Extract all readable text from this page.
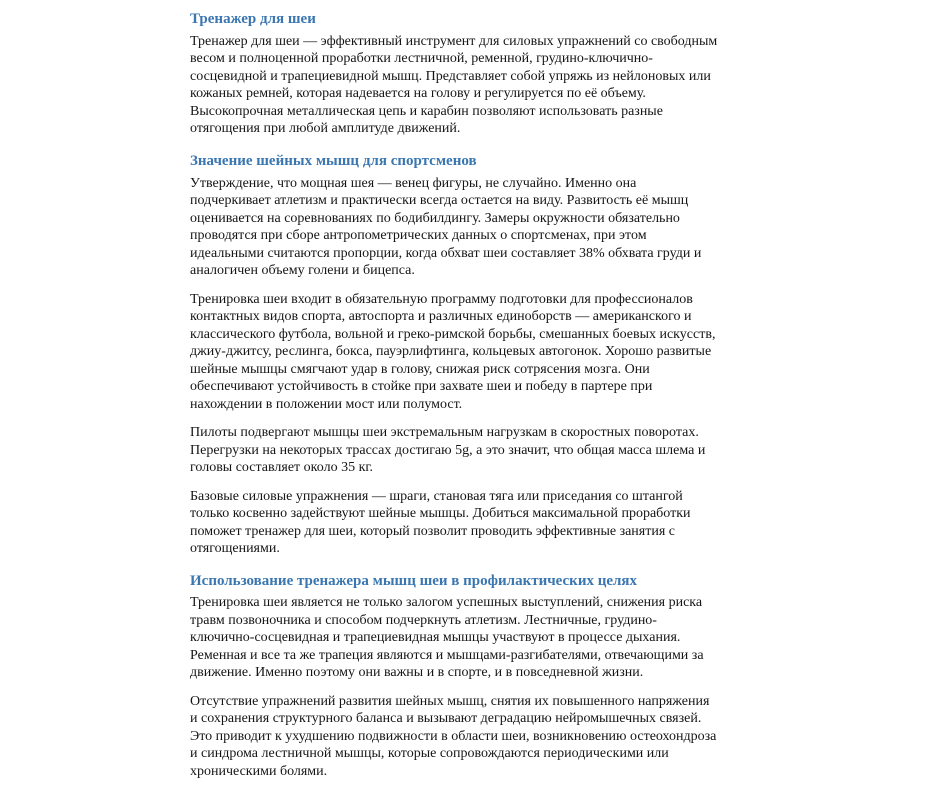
Тренажер для шеи

Тренажер для шеи — эффективный инструмент для силовых упражнений со свободным весом и полноценной проработки лестничной, ременной, грудино-ключично-сосцевидной и трапециевидной мышц. Представляет собой упряжь из нейлоновых или кожаных ремней, которая надевается на голову и регулируется по её объему. Высокопрочная металлическая цепь и карабин позволяют использовать разные отягощения при любой амплитуде движений.

Значение шейных мышц для спортсменов

Утверждение, что мощная шея — венец фигуры, не случайно. Именно она подчеркивает атлетизм и практически всегда остается на виду. Развитость её мышц оценивается на соревнованиях по бодибилдингу. Замеры окружности обязательно проводятся при сборе антропометрических данных о спортсменах, при этом идеальными считаются пропорции, когда обхват шеи составляет 38% обхвата груди и аналогичен объему голени и бицепса.

Тренировка шеи входит в обязательную программу подготовки для профессионалов контактных видов спорта, автоспорта и различных единоборств — американского и классического футбола, вольной и греко-римской борьбы, смешанных боевых искусств, джиу-джитсу, реслинга, бокса, пауэрлифтинга, кольцевых автогонок. Хорошо развитые шейные мышцы смягчают удар в голову, снижая риск сотрясения мозга. Они обеспечивают устойчивость в стойке при захвате шеи и победу в партере при нахождении в положении мост или полумост.

Пилоты подвергают мышцы шеи экстремальным нагрузкам в скоростных поворотах. Перегрузки на некоторых трассах достигаю 5g, а это значит, что общая масса шлема и головы составляет около 35 кг.

Базовые силовые упражнения — шраги, становая тяга или приседания со штангой только косвенно задействуют шейные мышцы. Добиться максимальной проработки поможет тренажер для шеи, который позволит проводить эффективные занятия с отягощениями.

Использование тренажера мышц шеи в профилактических целях

Тренировка шеи является не только залогом успешных выступлений, снижения риска травм позвоночника и способом подчеркнуть атлетизм. Лестничные, грудино-ключично-сосцевидная и трапециевидная мышцы участвуют в процессе дыхания. Ременная и все та же трапеция являются и мышцами-разгибателями, отвечающими за движение. Именно поэтому они важны и в спорте, и в повседневной жизни.

Отсутствие упражнений развития шейных мышц, снятия их повышенного напряжения и сохранения структурного баланса и вызывают деградацию нейромышечных связей. Это приводит к ухудшению подвижности в области шеи, возникновению остеохондроза и синдрома лестничной мышцы, которые сопровождаются периодическими или хроническими болями.
